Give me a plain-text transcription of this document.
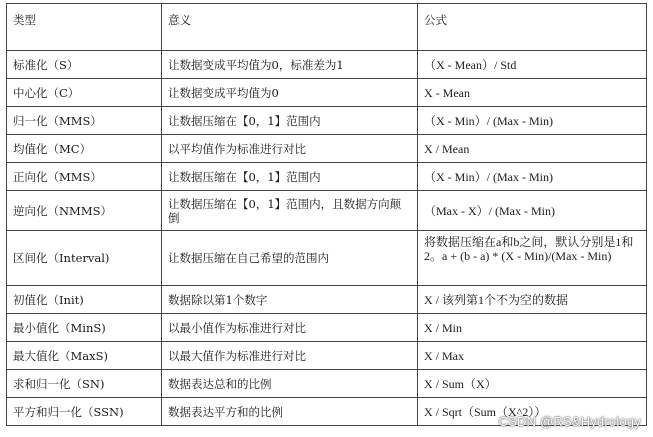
类型	意义	公式
标准化（S）	让数据变成平均值为0，标准差为1	（X - Mean）/ Std
中心化（C）	让数据变成平均值为0	X - Mean
归一化（MMS）	让数据压缩在【0，1】范围内	（X - Min）/ (Max - Min)
均值化（MC）	以平均值作为标准进行对比	X / Mean
正向化（MMS）	让数据压缩在【0，1】范围内	（X - Min）/ (Max - Min)
逆向化（NMMS）	让数据压缩在【0，1】范围内，且数据方向颠倒	（Max - X）/ (Max - Min)
区间化（Interval)	让数据压缩在自己希望的范围内	将数据压缩在a和b之间，默认分别是1和2。a + (b - a) * (X - Min)/(Max - Min)
初值化（Init)	数据除以第1个数字	X / 该列第1个不为空的数据
最小值化（MinS)	以最小值作为标准进行对比	X / Min
最大值化（MaxS)	以最大值作为标准进行对比	X / Max
求和归一化（SN)	数据表达总和的比例	X / Sum（X）
平方和归一化（SSN)	数据表达平方和的比例	X / Sqrt（Sum（X^2））
CSDN @RS&Hydrology
